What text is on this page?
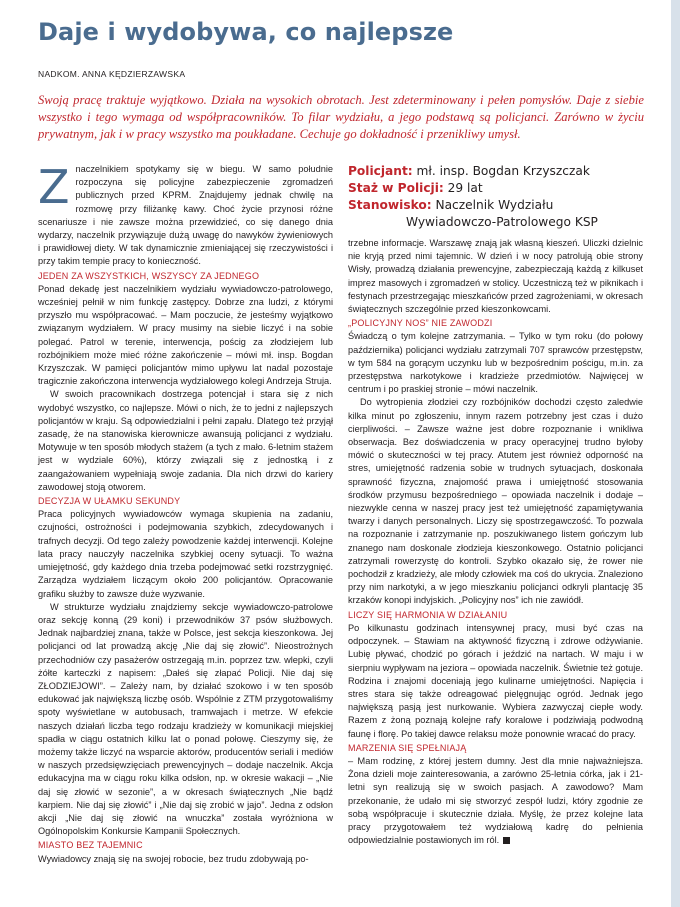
Daje i wydobywa, co najlepsze
NADKOM. ANNA KĘDZIERZAWSKA

Swoją pracę traktuje wyjątkowo. Działa na wysokich obrotach. Jest zdeterminowany i pełen pomysłów. Daje z siebie wszystko i tego wymaga od współpracowników. To filar wydziału, a jego podstawą są policjanci. Zarówno w życiu prywatnym, jak i w pracy wszystko ma poukładane. Cechuje go dokładność i przenikliwy umysł.

Z naczelnikiem spotykamy się w biegu. W samo południe rozpoczyna się policyjne zabezpieczenie zgromadzeń publicznych przed KPRM. Znajdujemy jednak chwilę na rozmowę przy filiżankę kawy. Choć życie przynosi różne scenariusze i nie zawsze można przewidzieć, co się danego dnia wydarzy, naczelnik przywiązuje dużą uwagę do nawyków żywieniowych i prawidłowej diety. W tak dynamicznie zmieniającej się rzeczywistości i przy takim tempie pracy to konieczność.

JEDEN ZA WSZYSTKICH, WSZYSCY ZA JEDNEGO

Ponad dekadę jest naczelnikiem wydziału wywiadowczo-patrolowego, wcześniej pełnił w nim funkcję zastępcy. Dobrze zna ludzi, z którymi przyszło mu współpracować. – Mam poczucie, że jesteśmy wyjątkowo związanym wydziałem. W pracy musimy na siebie liczyć i na sobie polegać. Patrol w terenie, interwencja, pościg za złodziejem lub rozbójnikiem może mieć różne zakończenie – mówi mł. insp. Bogdan Krzyszczak. W pamięci policjantów mimo upływu lat nadal pozostaje tragicznie zakończona interwencja wydziałowego kolegi Andrzeja Struja.

W swoich pracownikach dostrzega potencjał i stara się z nich wydobyć wszystko, co najlepsze. Mówi o nich, że to jedni z najlepszych policjantów w kraju. Są odpowiedzialni i pełni zapału. Dlatego też przyjął zasadę, że na stanowiska kierownicze awansują policjanci z wydziału. Motywuje w ten sposób młodych stażem (a tych z mało. 6-letnim stażem jest w wydziale 60%), którzy związali się z jednostką i z zaangażowaniem wypełniają swoje zadania. Dla nich drzwi do kariery zawodowej stoją otworem.

DECYZJA W UŁAMKU SEKUNDY

Praca policyjnych wywiadowców wymaga skupienia na zadaniu, czujności, ostrożności i podejmowania szybkich, zdecydowanych i trafnych decyzji. Od tego zależy powodzenie każdej interwencji. Kolejne lata pracy nauczyły naczelnika szybkiej oceny sytuacji. To ważna umiejętność, gdy każdego dnia trzeba podejmować setki rozstrzygnięć. Zarządza wydziałem liczącym około 200 policjantów. Opracowanie grafiku służby to zawsze duże wyzwanie.

W strukturze wydziału znajdziemy sekcje wywiadowczo-patrolowe oraz sekcję konną (29 koni) i przewodników 37 psów służbowych. Jednak najbardziej znana, także w Polsce, jest sekcja kieszonkowa. Jej policjanci od lat prowadzą akcję „Nie daj się złowić”. Nieostrożnych przechodniów czy pasażerów ostrzegają m.in. poprzez tzw. wlepki, czyli żółte karteczki z napisem: „Dałeś się złapać Policji. Nie daj się ZŁODZIEJOWI”. – Zależy nam, by działać szokowo i w ten sposób edukować jak największą liczbę osób. Wspólnie z ZTM przygotowaliśmy spoty wyświetlane w autobusach, tramwajach i metrze. W efekcie naszych działań liczba tego rodzaju kradzieży w komunikacji miejskiej spadła w ciągu ostatnich kilku lat o ponad połowę. Cieszymy się, że możemy także liczyć na wsparcie aktorów, producentów seriali i mediów w naszych przedsięwzięciach prewencyjnych – dodaje naczelnik. Akcja edukacyjna ma w ciągu roku kilka odsłon, np. w okresie wakacji – „Nie daj się złowić w sezonie”, a w okresach świątecznych „Nie bądź karpiem. Nie daj się złowić” i „Nie daj się zrobić w jajo”. Jedna z odsłon akcji „Nie daj się złowić na wnuczka” została wyróżniona w Ogólnopolskim Konkursie Kampanii Społecznych.

MIASTO BEZ TAJEMNIC

Wywiadowcy znają się na swojej robocie, bez trudu zdobywają po-

Policjant: mł. insp. Bogdan Krzyszczak
Staż w Policji: 29 lat
Stanowisko: Naczelnik Wydziału
Wywiadowczo-Patrolowego KSP

trzebne informacje. Warszawę znają jak własną kieszeń. Uliczki dzielnic nie kryją przed nimi tajemnic. W dzień i w nocy patrolują obie strony Wisły, prowadzą działania prewencyjne, zabezpieczają każdą z kilkuset imprez masowych i zgromadzeń w stolicy. Uczestniczą też w piknikach i festynach przestrzegając mieszkańców przed zagrożeniami, w okresach świątecznych szczególnie przed kieszonkowcami.

„POLICYJNY NOS” NIE ZAWODZI

Świadczą o tym kolejne zatrzymania. – Tylko w tym roku (do połowy października) policjanci wydziału zatrzymali 707 sprawców przestępstw, w tym 584 na gorącym uczynku lub w bezpośrednim pościgu, m.in. za przestępstwa narkotykowe i kradzieże przedmiotów. Najwięcej w centrum i po praskiej stronie – mówi naczelnik.

Do wytropienia złodziei czy rozbójników dochodzi często zaledwie kilka minut po zgłoszeniu, innym razem potrzebny jest czas i dużo cierpliwości. – Zawsze ważne jest dobre rozpoznanie i wnikliwa obserwacja. Bez doświadczenia w pracy operacyjnej trudno byłoby mówić o skuteczności w tej pracy. Atutem jest również odporność na stres, umiejętność radzenia sobie w trudnych sytuacjach, doskonała sprawność fizyczna, znajomość prawa i umiejętność stosowania środków przymusu bezpośredniego – opowiada naczelnik i dodaje – niezwykle cenna w naszej pracy jest też umiejętność zapamiętywania twarzy i danych personalnych. Liczy się spostrzegawczość. To pozwala na rozpoznanie i zatrzymanie np. poszukiwanego listem gończym lub znanego nam doskonale złodzieja kieszonkowego. Ostatnio policjanci zatrzymali rowerzystę do kontroli. Szybko okazało się, że rower nie pochodził z kradzieży, ale młody człowiek ma coś do ukrycia. Znaleziono przy nim narkotyki, a w jego mieszkaniu policjanci odkryli plantację 35 krzaków konopi indyjskich. „Policyjny nos” ich nie zawiódł.

LICZY SIĘ HARMONIA W DZIAŁANIU

Po kilkunastu godzinach intensywnej pracy, musi być czas na odpoczynek. – Stawiam na aktywność fizyczną i zdrowe odżywianie. Lubię pływać, chodzić po górach i jeździć na nartach. W maju i w sierpniu wypływam na jeziora – opowiada naczelnik. Świetnie też gotuje. Rodzina i znajomi doceniają jego kulinarne umiejętności. Napięcia i stres stara się także odreagować pielęgnując ogród. Jednak jego największą pasją jest nurkowanie. Wybiera zazwyczaj ciepłe wody. Razem z żoną poznają kolejne rafy koralowe i podziwiają podwodną faunę i florę. Po takiej dawce relaksu może ponownie wracać do pracy.

MARZENIA SIĘ SPEŁNIAJĄ

– Mam rodzinę, z której jestem dumny. Jest dla mnie najważniejsza. Żona dzieli moje zainteresowania, a zarówno 25-letnia córka, jak i 21-letni syn realizują się w swoich pasjach. A zawodowo? Mam przekonanie, że udało mi się stworzyć zespół ludzi, który zgodnie ze sobą współpracuje i skutecznie działa. Myślę, że przez kolejne lata pracy przygotowałem też wydziałową kadrę do pełnienia odpowiedzialnie postawionych im ról.
